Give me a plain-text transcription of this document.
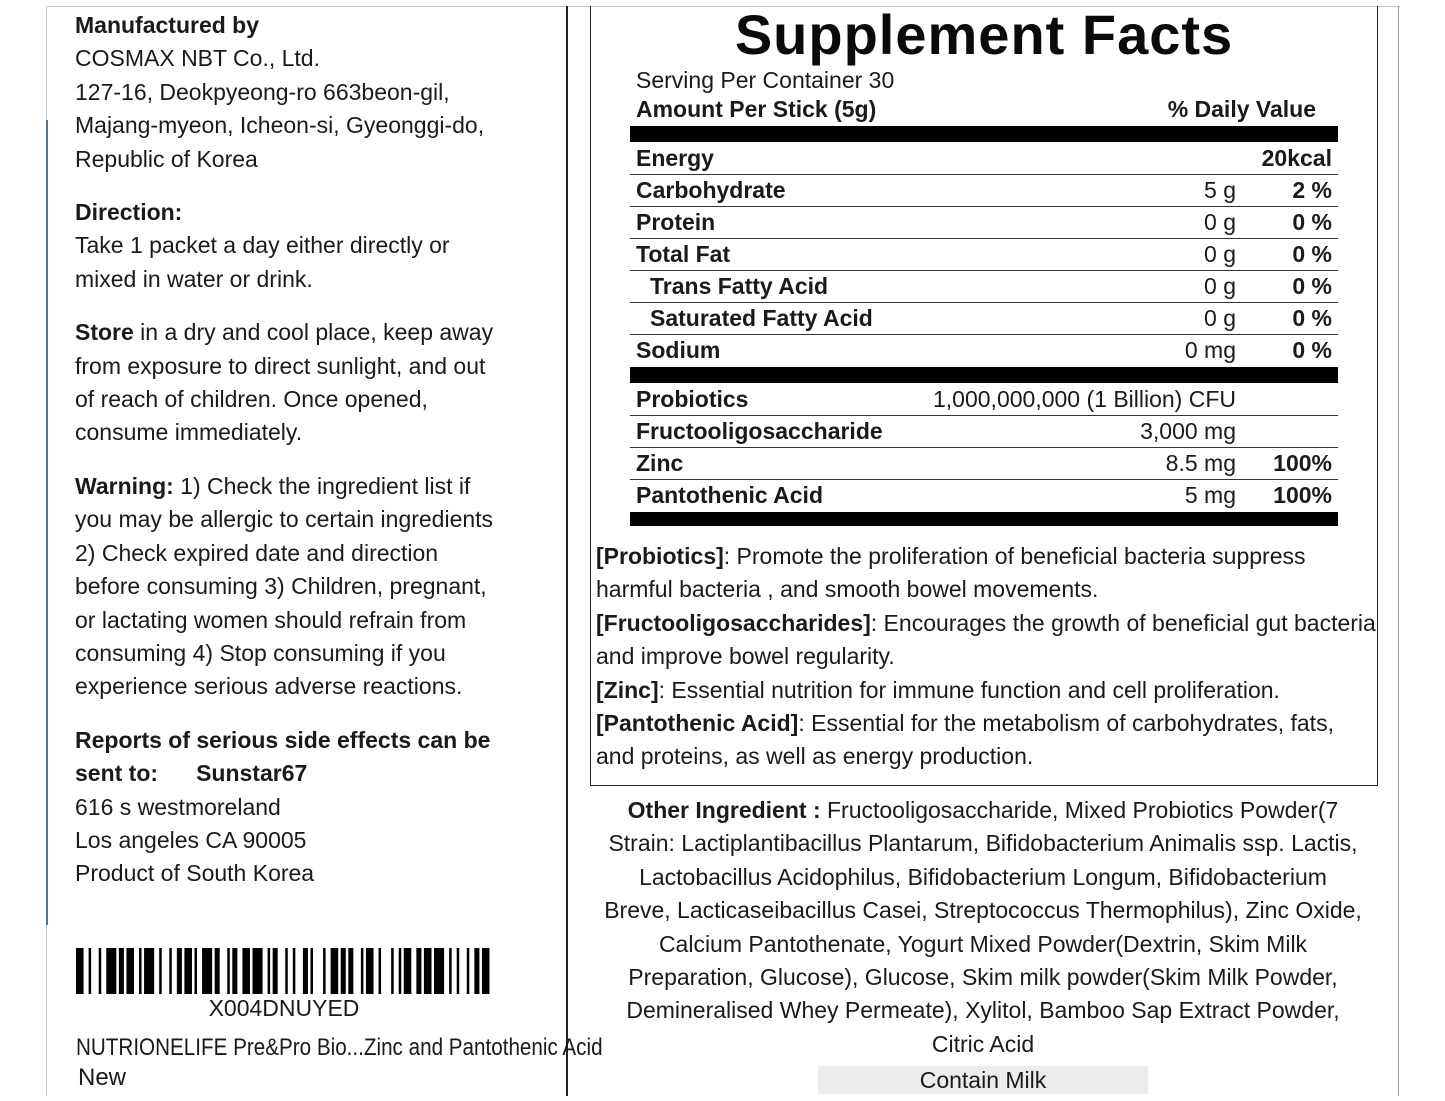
Manufactured by

COSMAX NBT Co., Ltd.

127-16, Deokpyeong-ro 663beon-gil,

Majang-myeon, Icheon-si, Gyeonggi-do,

Republic of Korea

Direction:

Take 1 packet a day either directly or

mixed in water or drink.

Store in a dry and cool place, keep away

from exposure to direct sunlight, and out

of reach of children. Once opened,

consume immediately.

Warning: 1) Check the ingredient list if

you may be allergic to certain ingredients

2) Check expired date and direction

before consuming 3) Children, pregnant,

or lactating women should refrain from

consuming 4) Stop consuming if you

experience serious adverse reactions.

Reports of serious side effects can be

sent to: Sunstar67

616 s westmoreland

Los angeles CA 90005

Product of South Korea

X004DNUYED
NUTRIONELIFE Pre&Pro Bio...Zinc and Pantothenic Acid
New
Supplement Facts
Serving Per Container 30
Amount Per Stick (5g)	% Daily Value
Energy	20kcal
Carbohydrate	5 g 2 %
Protein	0 g 0 %
Total Fat	0 g 0 %
Trans Fatty Acid	0 g 0 %
Saturated Fatty Acid	0 g 0 %
Sodium	0 mg 0 %
Probiotics	1,000,000,000 (1 Billion) CFU
Fructooligosaccharide	3,000 mg
Zinc	8.5 mg 100%
Pantothenic Acid	5 mg 100%

[Probiotics]: Promote the proliferation of beneficial bacteria suppress harmful bacteria , and smooth bowel movements.

[Fructooligosaccharides]: Encourages the growth of beneficial gut bacteria and improve bowel regularity.

[Zinc]: Essential nutrition for immune function and cell proliferation.

[Pantothenic Acid]: Essential for the metabolism of carbohydrates, fats, and proteins, as well as energy production.

Other Ingredient : Fructooligosaccharide, Mixed Probiotics Powder(7

Strain: Lactiplantibacillus Plantarum, Bifidobacterium Animalis ssp. Lactis,

Lactobacillus Acidophilus, Bifidobacterium Longum, Bifidobacterium

Breve, Lacticaseibacillus Casei, Streptococcus Thermophilus), Zinc Oxide,

Calcium Pantothenate, Yogurt Mixed Powder(Dextrin, Skim Milk

Preparation, Glucose), Glucose, Skim milk powder(Skim Milk Powder,

Demineralised Whey Permeate), Xylitol, Bamboo Sap Extract Powder,

Citric Acid

Contain Milk
